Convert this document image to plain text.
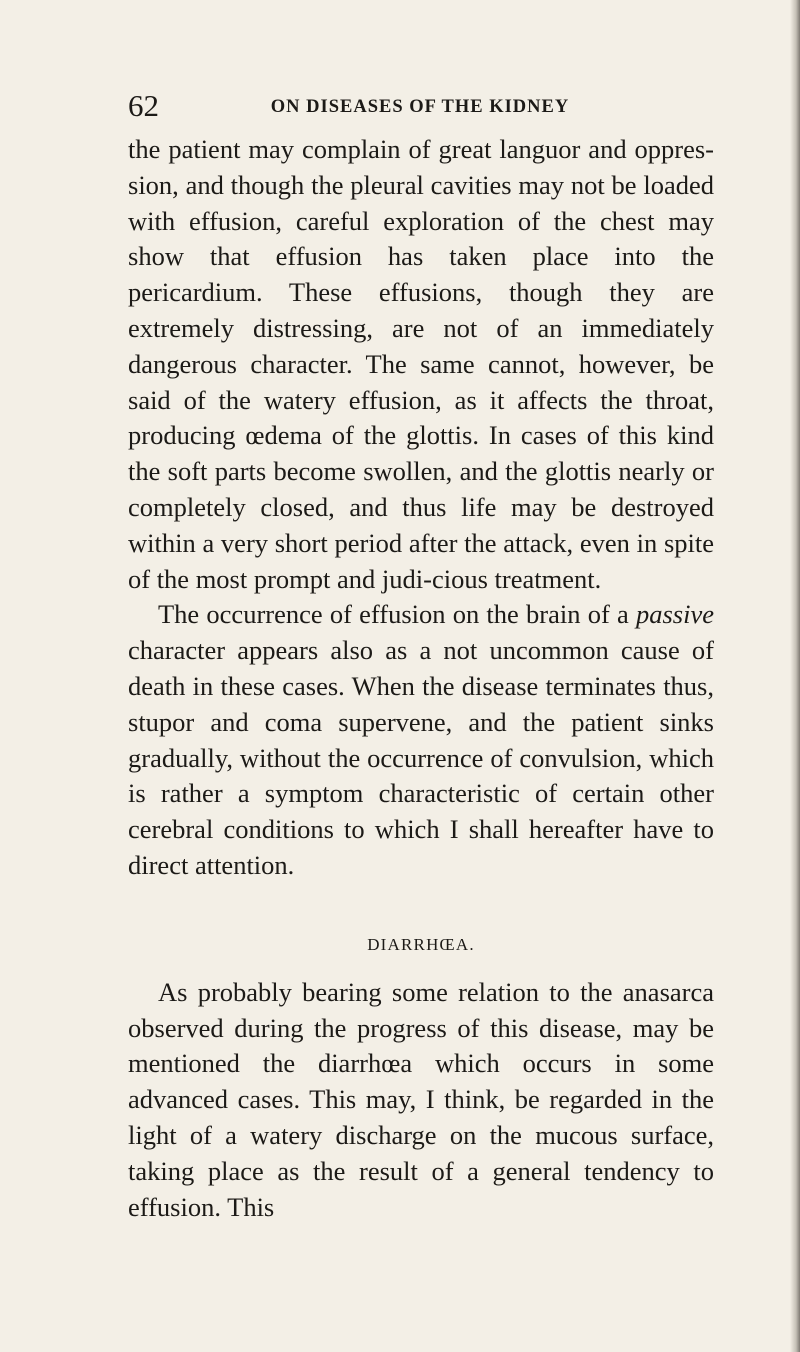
62	ON DISEASES OF THE KIDNEY

the patient may complain of great languor and oppres-sion, and though the pleural cavities may not be loaded with effusion, careful exploration of the chest may show that effusion has taken place into the pericardium. These effusions, though they are extremely distressing, are not of an immediately dangerous character. The same cannot, however, be said of the watery effusion, as it affects the throat, producing œdema of the glottis. In cases of this kind the soft parts become swollen, and the glottis nearly or completely closed, and thus life may be destroyed within a very short period after the attack, even in spite of the most prompt and judi-cious treatment.

The occurrence of effusion on the brain of a passive character appears also as a not uncommon cause of death in these cases. When the disease terminates thus, stupor and coma supervene, and the patient sinks gradually, without the occurrence of convulsion, which is rather a symptom characteristic of certain other cerebral conditions to which I shall hereafter have to direct attention.

DIARRHŒA.

As probably bearing some relation to the anasarca observed during the progress of this disease, may be mentioned the diarrhœa which occurs in some advanced cases. This may, I think, be regarded in the light of a watery discharge on the mucous surface, taking place as the result of a general tendency to effusion. This
